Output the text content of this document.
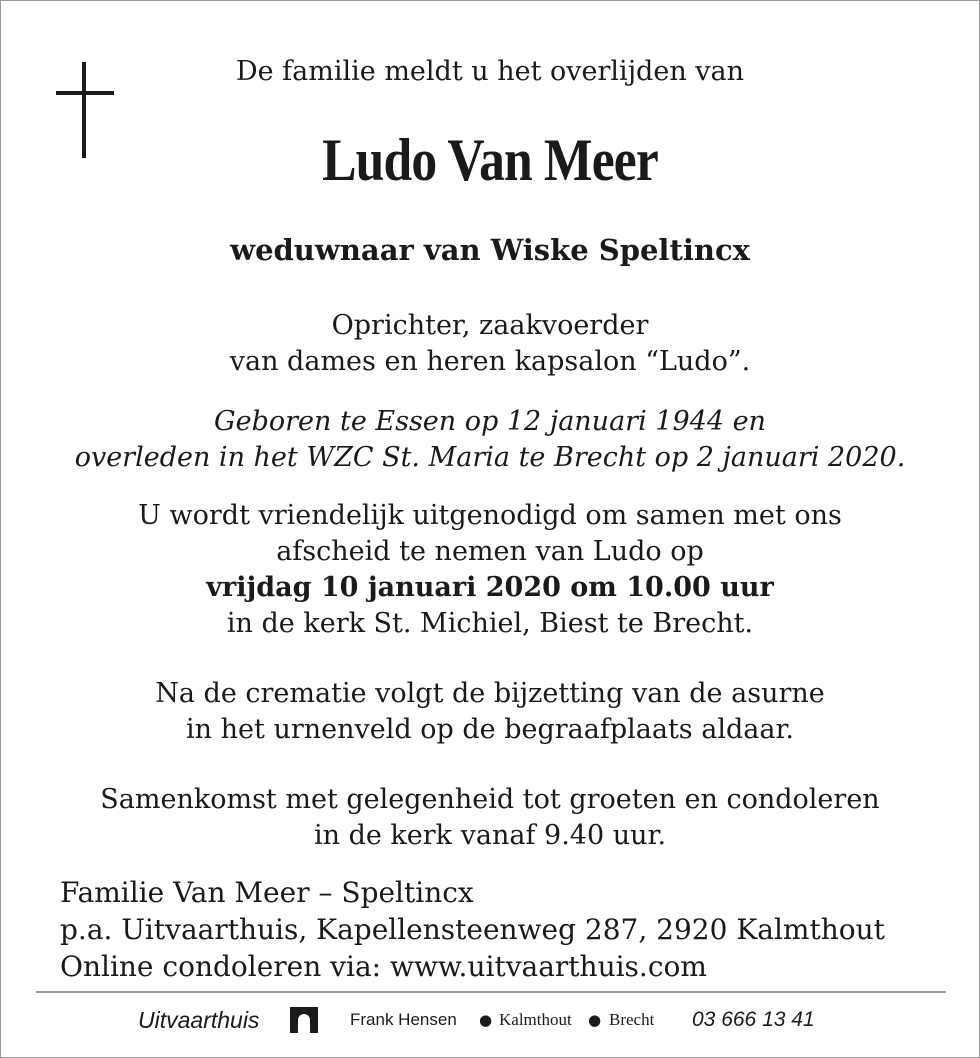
De familie meldt u het overlijden van
Ludo Van Meer
weduwnaar van Wiske Speltincx
Oprichter, zaakvoerder
van dames en heren kapsalon “Ludo”.
Geboren te Essen op 12 januari 1944 en
overleden in het WZC St. Maria te Brecht op 2 januari 2020.
U wordt vriendelijk uitgenodigd om samen met ons
afscheid te nemen van Ludo op
vrijdag 10 januari 2020 om 10.00 uur
in de kerk St. Michiel, Biest te Brecht.
Na de crematie volgt de bijzetting van de asurne
in het urnenveld op de begraafplaats aldaar.
Samenkomst met gelegenheid tot groeten en condoleren
in de kerk vanaf 9.40 uur.
Familie Van Meer – Speltincx
p.a. Uitvaarthuis, Kapellensteenweg 287, 2920 Kalmthout
Online condoleren via: www.uitvaarthuis.com
Uitvaarthuis	Frank Hensen ● Kalmthout ● Brecht 03 666 13 41
